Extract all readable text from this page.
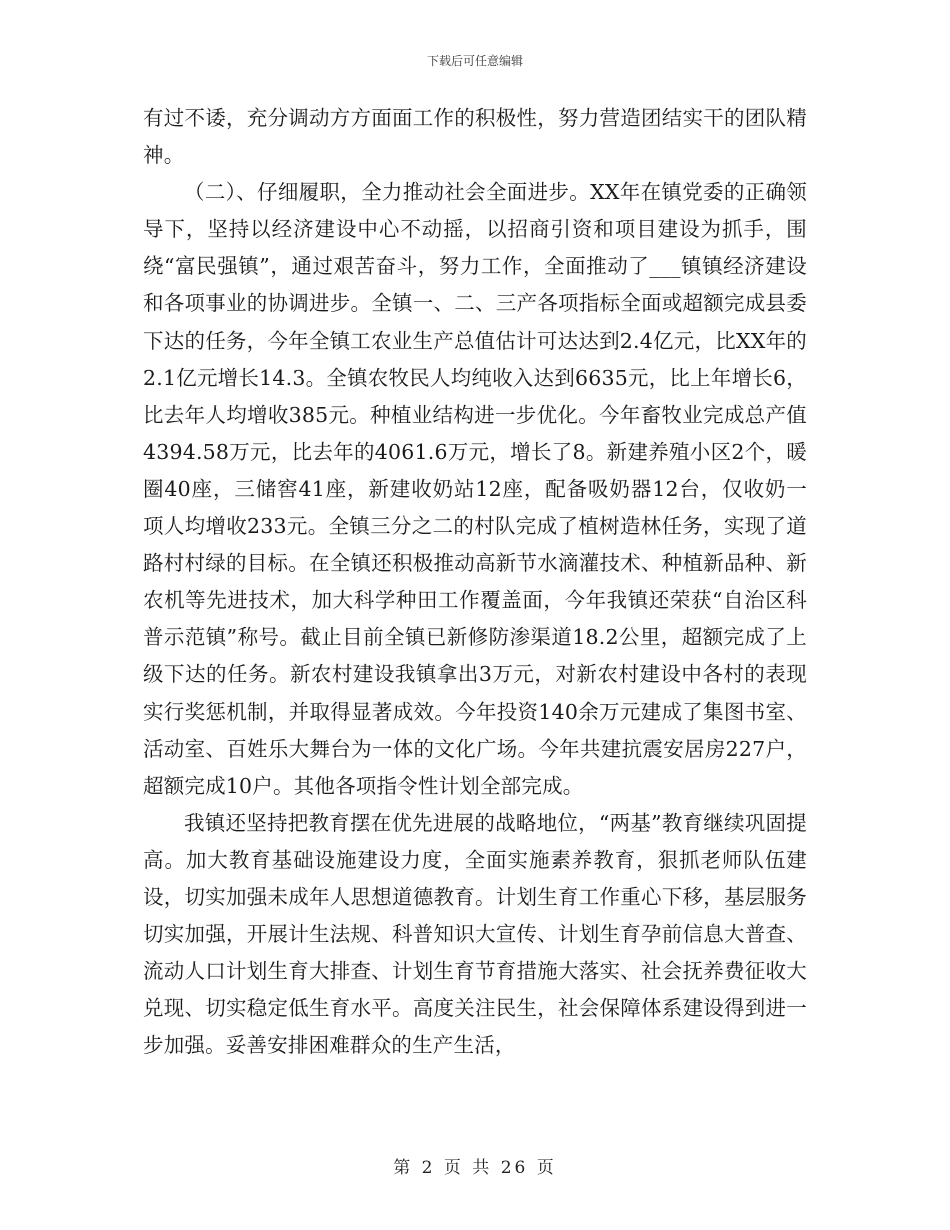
下载后可任意编辑

有过不诿，充分调动方方面面工作的积极性，努力营造团结实干的团队精神。

（二）、仔细履职，全力推动社会全面进步。XX年在镇党委的正确领导下，坚持以经济建设中心不动摇，以招商引资和项目建设为抓手，围绕“富民强镇”，通过艰苦奋斗，努力工作，全面推动了___镇镇经济建设和各项事业的协调进步。全镇一、二、三产各项指标全面或超额完成县委下达的任务，今年全镇工农业生产总值估计可达达到2.4亿元，比XX年的2.1亿元增长14.3。全镇农牧民人均纯收入达到6635元，比上年增长6，比去年人均增收385元。种植业结构进一步优化。今年畜牧业完成总产值4394.58万元，比去年的4061.6万元，增长了8。新建养殖小区2个，暖圈40座，三储窖41座，新建收奶站12座，配备吸奶器12台，仅收奶一项人均增收233元。全镇三分之二的村队完成了植树造林任务，实现了道路村村绿的目标。在全镇还积极推动高新节水滴灌技术、种植新品种、新农机等先进技术，加大科学种田工作覆盖面，今年我镇还荣获“自治区科普示范镇”称号。截止目前全镇已新修防渗渠道18.2公里，超额完成了上级下达的任务。新农村建设我镇拿出3万元，对新农村建设中各村的表现实行奖惩机制，并取得显著成效。今年投资140余万元建成了集图书室、活动室、百姓乐大舞台为一体的文化广场。今年共建抗震安居房227户，超额完成10户。其他各项指令性计划全部完成。

我镇还坚持把教育摆在优先进展的战略地位，“两基”教育继续巩固提高。加大教育基础设施建设力度，全面实施素养教育，狠抓老师队伍建设，切实加强未成年人思想道德教育。计划生育工作重心下移，基层服务切实加强，开展计生法规、科普知识大宣传、计划生育孕前信息大普查、流动人口计划生育大排查、计划生育节育措施大落实、社会抚养费征收大兑现、切实稳定低生育水平。高度关注民生，社会保障体系建设得到进一步加强。妥善安排困难群众的生产生活，

第 2 页 共 26 页
